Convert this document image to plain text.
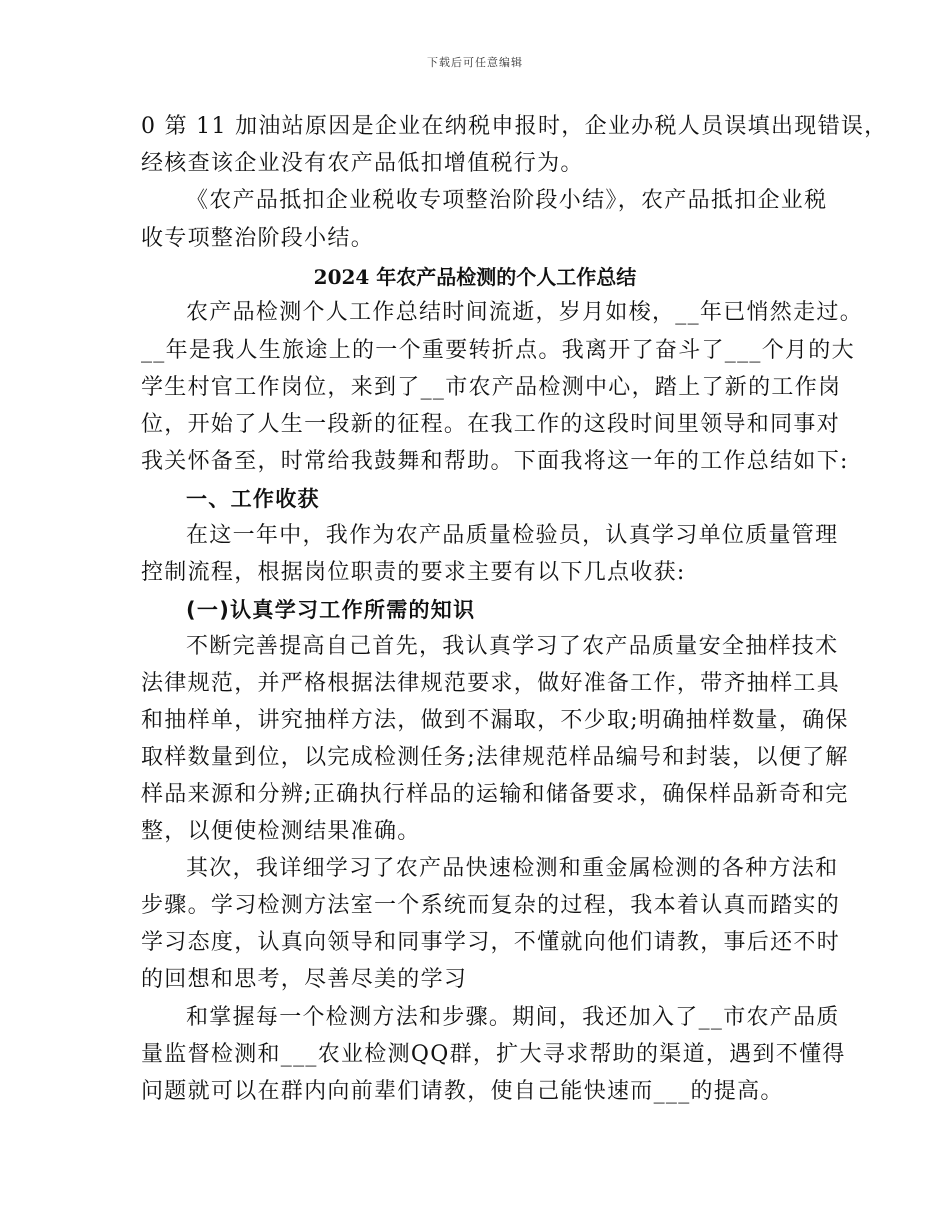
下载后可任意编辑
0 第 11 加油站原因是企业在纳税申报时，企业办税人员误填出现错误，
经核查该企业没有农产品低扣增值税行为。
《农产品抵扣企业税收专项整治阶段小结》，农产品抵扣企业税
收专项整治阶段小结。
2024 年农产品检测的个人工作总结
农产品检测个人工作总结时间流逝，岁月如梭，__年已悄然走过。
__年是我人生旅途上的一个重要转折点。我离开了奋斗了___个月的大
学生村官工作岗位，来到了__市农产品检测中心，踏上了新的工作岗
位，开始了人生一段新的征程。在我工作的这段时间里领导和同事对
我关怀备至，时常给我鼓舞和帮助。下面我将这一年的工作总结如下:
一、工作收获
在这一年中，我作为农产品质量检验员，认真学习单位质量管理
控制流程，根据岗位职责的要求主要有以下几点收获:
(一)认真学习工作所需的知识
不断完善提高自己首先，我认真学习了农产品质量安全抽样技术
法律规范，并严格根据法律规范要求，做好准备工作，带齐抽样工具
和抽样单，讲究抽样方法，做到不漏取，不少取;明确抽样数量，确保
取样数量到位，以完成检测任务;法律规范样品编号和封装，以便了解
样品来源和分辨;正确执行样品的运输和储备要求，确保样品新奇和完
整，以便使检测结果准确。
其次，我详细学习了农产品快速检测和重金属检测的各种方法和
步骤。学习检测方法室一个系统而复杂的过程，我本着认真而踏实的
学习态度，认真向领导和同事学习，不懂就向他们请教，事后还不时
的回想和思考，尽善尽美的学习
和掌握每一个检测方法和步骤。期间，我还加入了__市农产品质
量监督检测和___农业检测QQ群，扩大寻求帮助的渠道，遇到不懂得
问题就可以在群内向前辈们请教，使自己能快速而___的提高。
